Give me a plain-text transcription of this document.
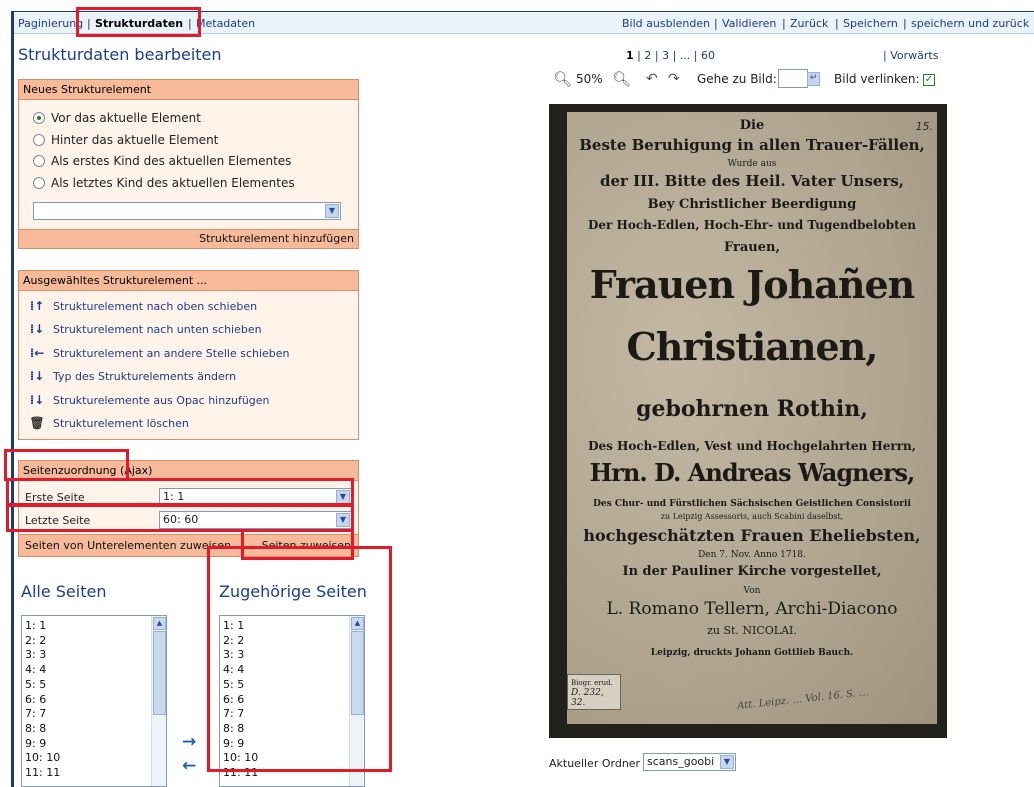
Paginierung | Strukturdaten | Metadaten	Bild ausblenden | Validieren | Zurück | Speichern | speichern und zurück
Strukturdaten bearbeiten
Neues Strukturelement
Vor das aktuelle Element
Hinter das aktuelle Element
Als erstes Kind des aktuellen Elementes
Als letztes Kind des aktuellen Elementes
▼
Strukturelement hinzufügen
Ausgewähltes Strukturelement ...
⁞↑ Strukturelement nach oben schieben
⁞↓ Strukturelement nach unten schieben
⁞← Strukturelement an andere Stelle schieben
⁞↓ Typ des Strukturelements ändern
⁞↓ Strukturelemente aus Opac hinzufügen
🗑 Strukturelement löschen
Seitenzuordnung (Ajax)
Erste Seite	1: 1	▼
Letzte Seite	60: 60	▼
Seiten von Unterelementen zuweisen	Seiten zuweisen
Alle Seiten	Zugehörige Seiten
1: 1
2: 2
3: 3
4: 4
5: 5
6: 6
7: 7
8: 8
9: 9
10: 10
11: 11
▲
→
←
1: 1
2: 2
3: 3
4: 4
5: 5
6: 6
7: 7
8: 8
9: 9
10: 10
11: 11
▲
1 | 2 | 3 | ... | 60	| Vorwärts
🔍︎ 50% 🔍︎ ↶ ↷ Gehe zu Bild:	↵ Bild verlinken: ✓
Die	15.
Beste Beruhigung in allen Trauer-Fällen,
Wurde aus
der III. Bitte des Heil. Vater Unsers,
Bey Christlicher Beerdigung
Der Hoch-Edlen, Hoch-Ehr- und Tugendbelobten
Frauen,
Frauen Johañen
Christianen,
gebohrnen Rothin,
Des Hoch-Edlen, Vest und Hochgelahrten Herrn,
Hrn. D. Andreas Wagners,
Des Chur- und Fürstlichen Sächsischen Geistlichen Consistorii
zu Leipzig Assessoris, auch Scabini daselbst,
hochgeschätzten Frauen Eheliebsten,
Den 7. Nov. Anno 1718.
In der Pauliner Kirche vorgestellet,
Von
L. Romano Tellern, Archi-Diacono
zu St. NICOLAI.
Leipzig, druckts Johann Gottlieb Bauch.
Biogr. erud.
D. 232, 32.	Att. Leipz. … Vol. 16. S. …
Aktueller Ordner scans_goobi	▼
